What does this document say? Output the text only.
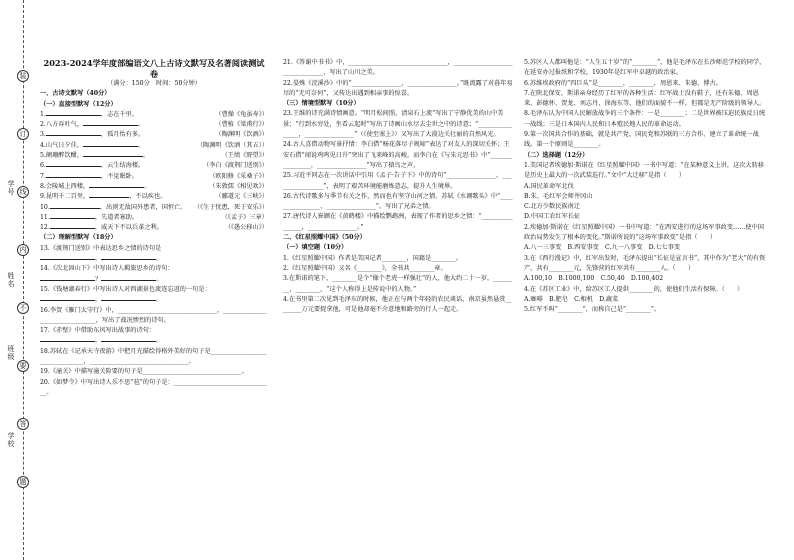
装
订
线
内
不
要
答
题
学号
姓名
班级
学校
2023-2024学年度部编语文八上古诗文默写及名著阅读测试卷
（满分：150分　时间：50分钟）
一、古诗文默写（40分）
（一）直接型默写（12分）
（曹操《龟虽寿》）
1.	，志在千里。
（曹植《梁甫行》）
2.八方吞吐气，	。
（陶渊明《饮酒》）
3.	，孤月怡有多。
（陶渊明《饮酒（其五））
4.山气日夕佳，	。
（王绩《野望》）
5.阑珊醉饮酣，	。
（李白《渡荆门送别》）
6.	，云生结海楼。
（欧阳修《采桑子》）
7.	，不觉眠卧。
（朱敦儒《相见欢》）
8.会陵城上西楼，	。
（郦道元《三峡》）
9.昆明千二百里，	，不以疾也。
（《生于忧患，死于安乐》）
10.	，出则无敌国外患者，国恒亡。
（《孟子》三章）
11.	，失道者寡助。
（《愚公移山》）
12.	，威天下不以兵革之利。
（二）理解型默写（18分）
13.《渡荆门送别》中表达思乡之情的诗句是
，	。
14.《次北固山下》中写出诗人羁旅思乡的诗句：
？	。
15.《钱塘湖春行》中写出诗人对西湖景色流连忘返的一句是：
，	。
16.李贺《雁门太守行》中，________________________________，________________________________，写出了战况惨烈的诗句。
17.《赤壁》中借助东风写出战事的诗句：
，	。
18.苏轼在《记承天寺夜游》中把月光描绘得格外美好的句子是________________________________，________________________________。
19.《潼关》中描写潼关险要的句子是________________________________。
20.《如梦令》中写出诗人乐不思“苞”的句子是：________________________________。
21.《答谢中书书》中，________________________________，________________________________，写出了山川之美。
22.晏殊《浣溪沙》中的“________________，________________。”既流露了对暮年易尽的“无可奈何”，又传达出遇到相亲事的惊喜。
（三）情境型默写（10分）
23.王维的诗充满诗情画意。“明月松间照，清泉石上流”写出了宁静优美的山中美景；“行到水穷处，坐看云起时”写出了诗画山水尽去尘世之中的诗意；“________________，________________”（《使至塞上》）又写出了大漠边关壮丽的自然风光。
24.古人喜借动物写景抒情：李白借“杨花落尽子规啼”表达了对友人的深切关怀；王安石借“闻说鸡鸣见日升”突出了飞来峰的高峻。而李白在《与朱元思书》中“________________，________________”写出了猿鸟之声。
25.习近平同志在一次讲话中引用《孟子·告子下》中的诗句“________________，________________”，表明了艰苦环境能磨炼意志，提升人生境界。
26.古代诗歌多与季节有关之作，然而也有坚守山河之情。苏轼《水调歌头》中“________________，________________”，写出了兄弟之情。
27.唐代诗人崔颢在《黄鹤楼》中描绘鹦鹉洲，表现了作者的思乡之情：“________________，________________。”
二、《红星照耀中国》（50分）
（一）填空题（10分）
1.《红星照耀中国》作者是美国记者________，国籍是________。
2.《红星照耀中国》又名《________》，全书共________章。
3.在斯诺的笔下，________是个“像个老虎一样强壮”的人，他大约二十一岁，________，________，“这个人称得上是传说中的人物。”
4.在书里第二次见到毛泽东的时候，他正在与两个年轻的农民谈话，南京虽然悬赏________万元要捉拿他，可是他却毫不介意地和路旁的行人一起走。
5.苏区人人都叫他是：“人生五十岁”的“________”，他是毛泽东在长沙师范学校的同学，在延安办过报纸和学校，1930年是红军中卓越的政治家。
6.苏维埃政府的“四巨头”是________，________，周恩来、朱德、博古。
7.在陕北保安，斯诺亲身经历了红军的各种生活：红军战士没有鞋子，还有朱德、周恩来、彭德怀、贺龙、刘志丹、徐海东等，他们的面貌不一样，但都是无产阶级的领导人。
8.毛泽东认为中国人民解放战争的三个条件：一是________；二是世界被压迫民族反日统一战线；三是日本国内人民和日本殖民地人民的革命运动。
9.第一次国共合作的基础，就是共产党、国民党和苏联的三方合作，建立了革命统一战线。第一个原则是________。
（二）选择题（12分）
1.美国记者埃德加·斯诺在《红星照耀中国》一书中写道：“在某种意义上讲，这次大转移是历史上最大的一次武装巡行。”文中“大迁移”是指（　　）
A.国民革命军北伐
B.朱、毛红军会师井冈山
C.北方少数民族南迁
D.中国工农红军长征
2.埃德加·斯诺在《红星照耀中国》一书中写道：“在西安进行的这场军事政变……使中国政治局势发生了根本的变化。”斯诺所说的“这场军事政变”是指（　　）
A.八一三事变　B.西安事变　C.九一八事变　D.七七事变
3.在《西行漫记》中，红军出发时，毛泽东提出“长征是宣言书”，其中作为“老大”的有资产，共有________元，先锋营的红军共有________人。（　　）
A.100,10　B.1000,100　C.50,40　D.100,402
4.在《苏区工业》中，给苏区工人提供________的，使他们生活有保障。（　　）
A.咖啡　B.肥皂　C.相机　D.蔬菜
5.红军不叫“________”，而称自己是“________”。
